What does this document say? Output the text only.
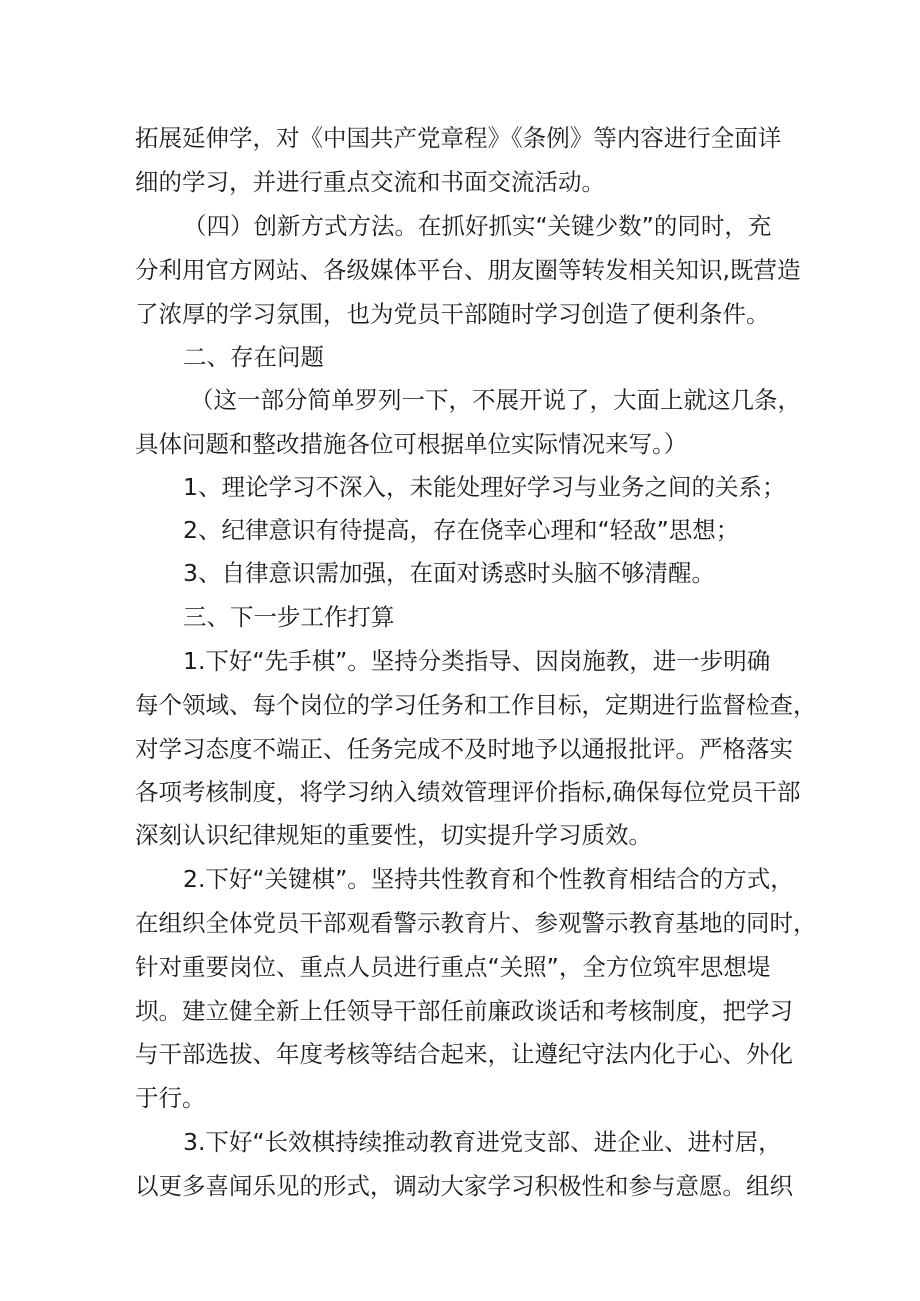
拓展延伸学，对《中国共产党章程》《条例》等内容进行全面详
细的学习，并进行重点交流和书面交流活动。
（四）创新方式方法。在抓好抓实“关键少数”的同时，充
分利用官方网站、各级媒体平台、朋友圈等转发相关知识,既营造
了浓厚的学习氛围，也为党员干部随时学习创造了便利条件。
二、存在问题
（这一部分简单罗列一下，不展开说了，大面上就这几条，
具体问题和整改措施各位可根据单位实际情况来写。）
1、理论学习不深入，未能处理好学习与业务之间的关系；
2、纪律意识有待提高，存在侥幸心理和“轻敌”思想；
3、自律意识需加强，在面对诱惑时头脑不够清醒。
三、下一步工作打算
1.下好“先手棋”。坚持分类指导、因岗施教，进一步明确
每个领域、每个岗位的学习任务和工作目标，定期进行监督检查，
对学习态度不端正、任务完成不及时地予以通报批评。严格落实
各项考核制度，将学习纳入绩效管理评价指标,确保每位党员干部
深刻认识纪律规矩的重要性，切实提升学习质效。
2.下好“关键棋”。坚持共性教育和个性教育相结合的方式，
在组织全体党员干部观看警示教育片、参观警示教育基地的同时，
针对重要岗位、重点人员进行重点“关照”，全方位筑牢思想堤
坝。建立健全新上任领导干部任前廉政谈话和考核制度，把学习
与干部选拔、年度考核等结合起来，让遵纪守法内化于心、外化
于行。
3.下好“长效棋持续推动教育进党支部、进企业、进村居，
以更多喜闻乐见的形式，调动大家学习积极性和参与意愿。组织
